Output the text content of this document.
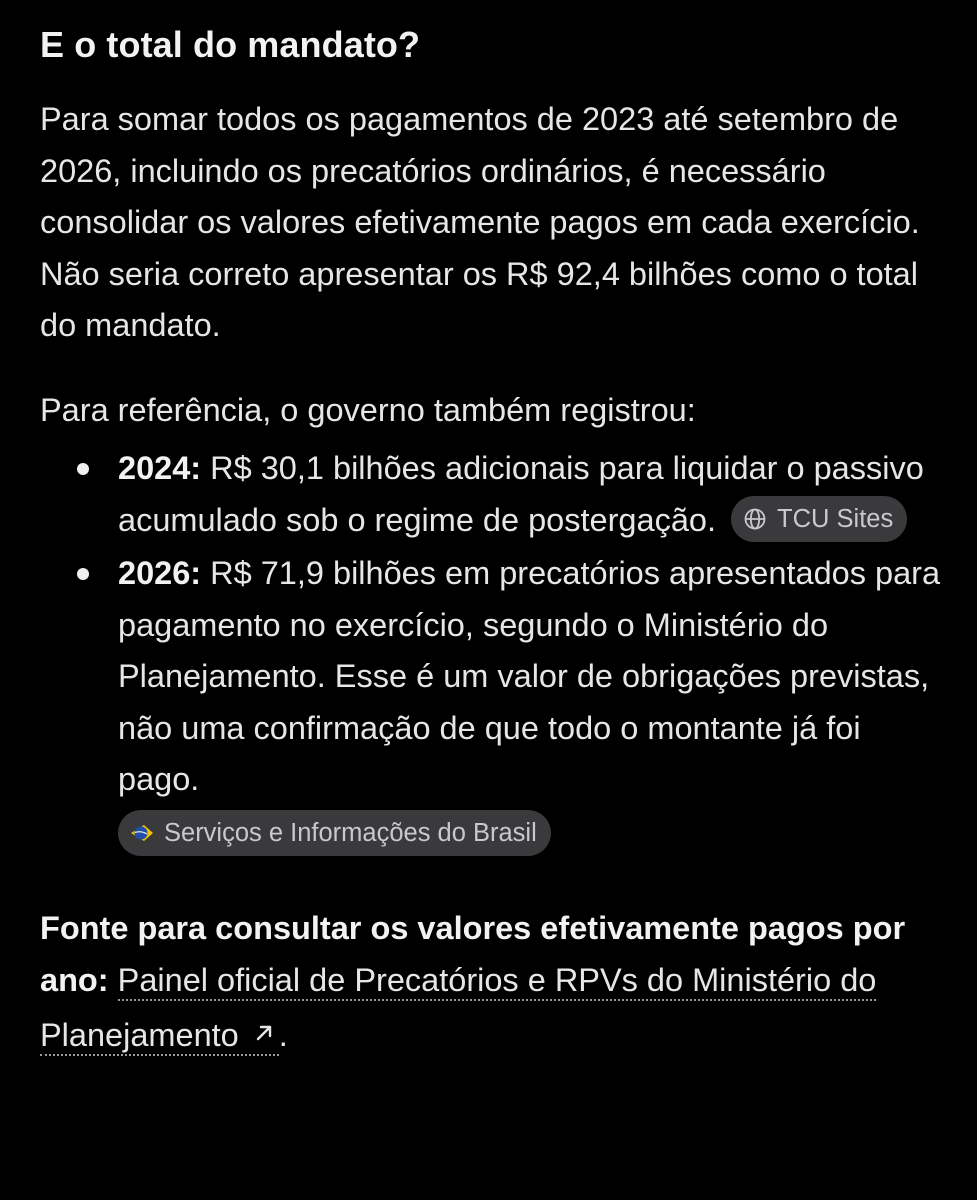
E o total do mandato?

Para somar todos os pagamentos de 2023 até setembro de 2026, incluindo os precatórios ordinários, é necessário consolidar os valores efetivamente pagos em cada exercício. Não seria correto apresentar os R$ 92,4 bilhões como o total do mandato.

Para referência, o governo também registrou:

2024: R$ 30,1 bilhões adicionais para liquidar o passivo acumulado sob o regime de postergação. TCU Sites
2026: R$ 71,9 bilhões em precatórios apresentados para pagamento no exercício, segundo o Ministério do Planejamento. Esse é um valor de obrigações previstas, não uma confirmação de que todo o montante já foi pago.

Serviços e Informações do Brasil

Fonte para consultar os valores efetivamente pagos por ano: Painel oficial de Precatórios e RPVs do Ministério do Planejamento .
